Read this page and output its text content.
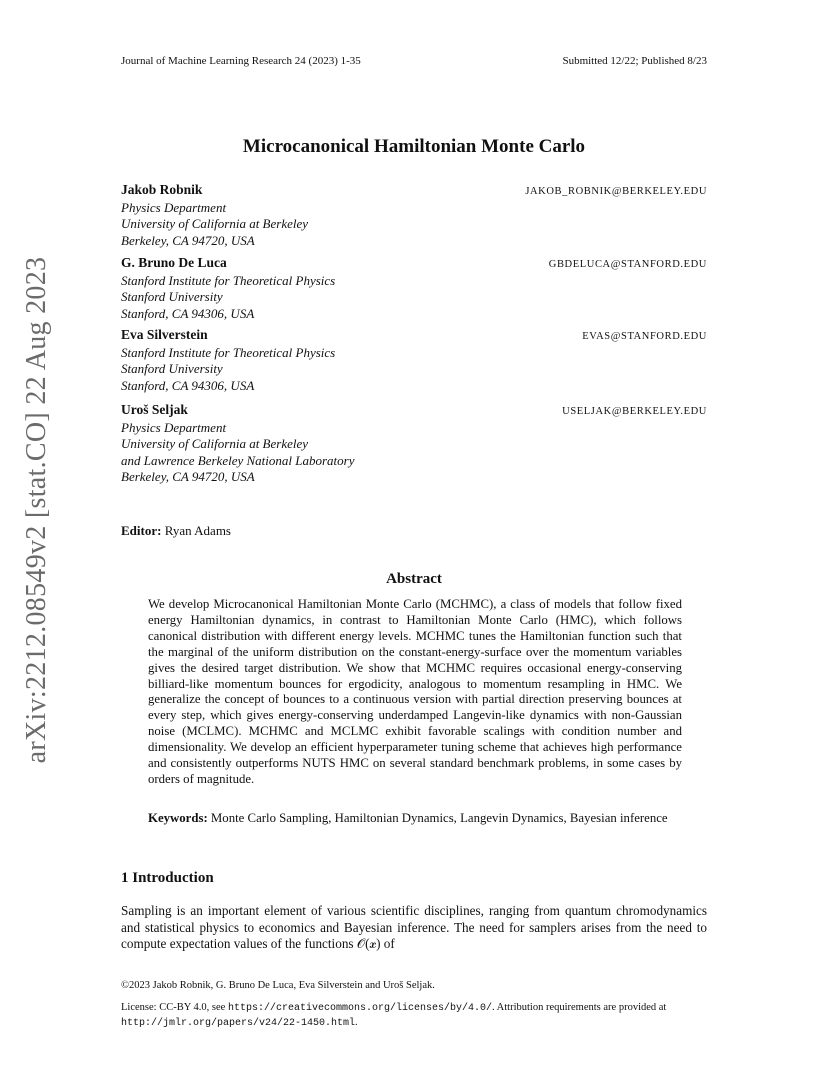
Journal of Machine Learning Research 24 (2023) 1-35	Submitted 12/22; Published 8/23
Microcanonical Hamiltonian Monte Carlo
Jakob Robnik	JAKOB_ROBNIK@BERKELEY.EDU
Physics Department
University of California at Berkeley
Berkeley, CA 94720, USA
G. Bruno De Luca	GBDELUCA@STANFORD.EDU
Stanford Institute for Theoretical Physics
Stanford University
Stanford, CA 94306, USA
Eva Silverstein	EVAS@STANFORD.EDU
Stanford Institute for Theoretical Physics
Stanford University
Stanford, CA 94306, USA
Uroš Seljak	USELJAK@BERKELEY.EDU
Physics Department
University of California at Berkeley
and Lawrence Berkeley National Laboratory
Berkeley, CA 94720, USA
Editor: Ryan Adams
Abstract
We develop Microcanonical Hamiltonian Monte Carlo (MCHMC), a class of models that follow fixed energy Hamiltonian dynamics, in contrast to Hamiltonian Monte Carlo (HMC), which follows canonical distribution with different energy levels. MCHMC tunes the Hamiltonian function such that the marginal of the uniform distribution on the constant-energy-surface over the momentum variables gives the desired target distribution. We show that MCHMC requires occasional energy-conserving billiard-like momentum bounces for ergodicity, analogous to momentum resampling in HMC. We generalize the concept of bounces to a continuous version with partial direction preserving bounces at every step, which gives energy-conserving underdamped Langevin-like dynamics with non-Gaussian noise (MCLMC). MCHMC and MCLMC exhibit favorable scalings with condition number and dimensionality. We develop an efficient hyperparameter tuning scheme that achieves high performance and consistently outperforms NUTS HMC on several standard benchmark problems, in some cases by orders of magnitude.
Keywords: Monte Carlo Sampling, Hamiltonian Dynamics, Langevin Dynamics, Bayesian inference
1 Introduction
Sampling is an important element of various scientific disciplines, ranging from quantum chromodynamics and statistical physics to economics and Bayesian inference. The need for samplers arises from the need to compute expectation values of the functions 𝒪(𝒙) of
©2023 Jakob Robnik, G. Bruno De Luca, Eva Silverstein and Uroš Seljak.
License: CC-BY 4.0, see https://creativecommons.org/licenses/by/4.0/. Attribution requirements are provided at http://jmlr.org/papers/v24/22-1450.html.
arXiv:2212.08549v2 [stat.CO] 22 Aug 2023
